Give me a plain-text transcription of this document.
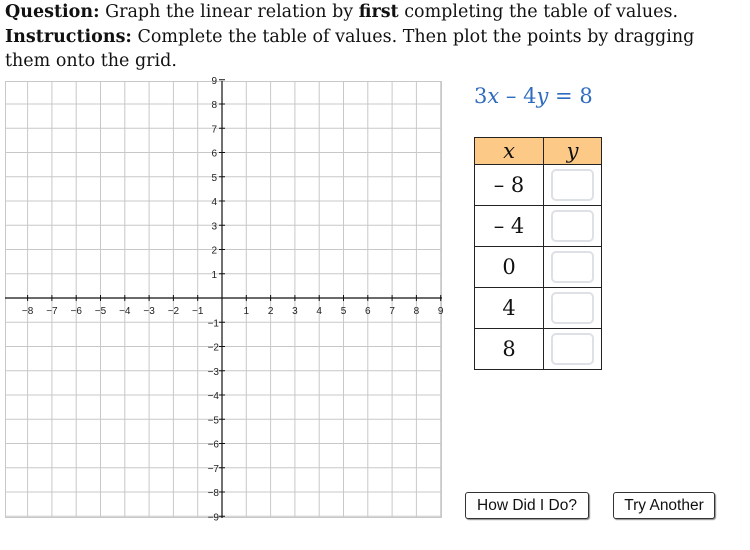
Question: Graph the linear relation by first completing the table of values.

Instructions: Complete the table of values. Then plot the points by dragging them onto the grid.

−8 −7 −6 −5 −4 −3 −2 −1	1 2 3 4 5 6 7 8 9
9
8
7
6
5
4
3
2
1
−1
−2
−3
−4
−5
−6
−7
−8
−9
3x – 4y = 8
x	y
– 8	

– 4	

0	

4	

8	
How Did I Do?	Try Another
